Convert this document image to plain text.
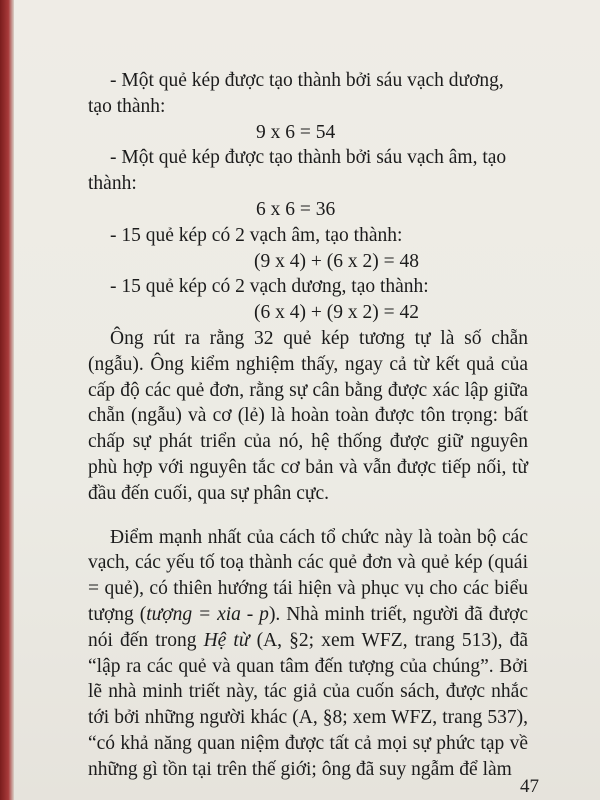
- Một quẻ kép được tạo thành bởi sáu vạch dương,

tạo thành:

9 x 6 = 54

- Một quẻ kép được tạo thành bởi sáu vạch âm, tạo

thành:

6 x 6 = 36

- 15 quẻ kép có 2 vạch âm, tạo thành:

(9 x 4) + (6 x 2) = 48

- 15 quẻ kép có 2 vạch dương, tạo thành:

(6 x 4) + (9 x 2) = 42

Ông rút ra rằng 32 quẻ kép tương tự là số chẵn (ngẫu). Ông kiểm nghiệm thấy, ngay cả từ kết quả của cấp độ các quẻ đơn, rằng sự cân bằng được xác lập giữa chẵn (ngẫu) và cơ (lẻ) là hoàn toàn được tôn trọng: bất chấp sự phát triển của nó, hệ thống được giữ nguyên phù hợp với nguyên tắc cơ bản và vẫn được tiếp nối, từ đầu đến cuối, qua sự phân cực.

Điểm mạnh nhất của cách tổ chức này là toàn bộ các vạch, các yếu tố toạ thành các quẻ đơn và quẻ kép (quái = quẻ), có thiên hướng tái hiện và phục vụ cho các biểu tượng (tượng = xia - p). Nhà minh triết, người đã được nói đến trong Hệ từ (A, §2; xem WFZ, trang 513), đã “lập ra các quẻ và quan tâm đến tượng của chúng”. Bởi lẽ nhà minh triết này, tác giả của cuốn sách, được nhắc tới bởi những người khác (A, §8; xem WFZ, trang 537), “có khả năng quan niệm được tất cả mọi sự phức tạp về những gì tồn tại trên thế giới; ông đã suy ngẫm để làm

47
